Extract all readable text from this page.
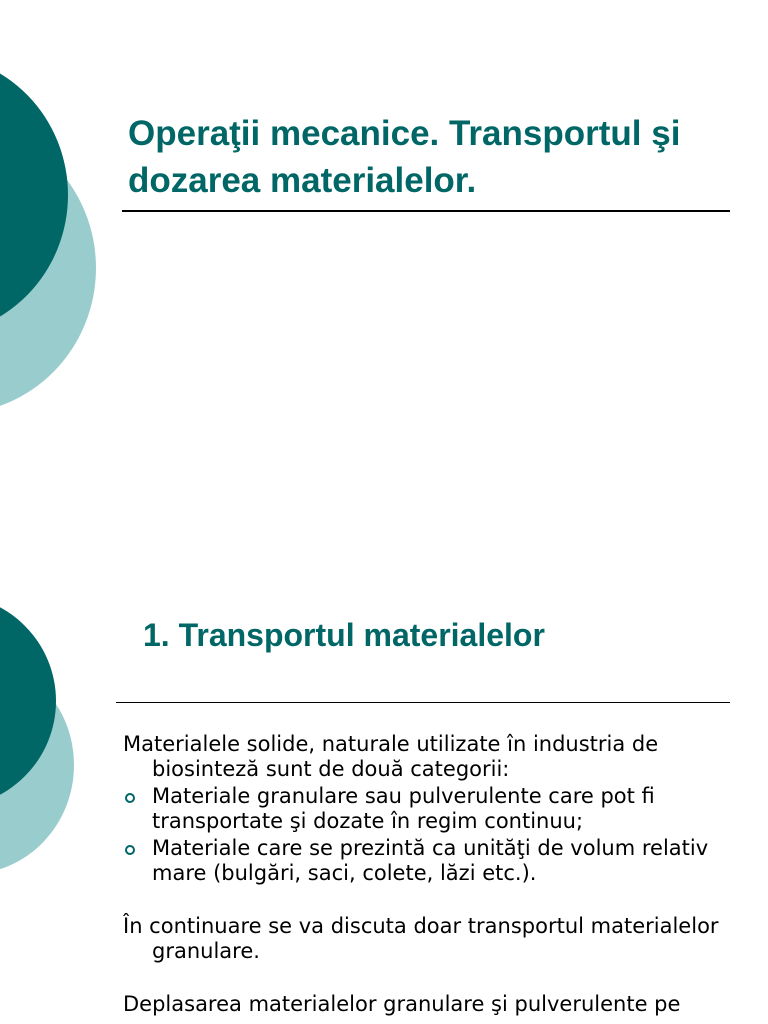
Operaţii mecanice. Transportul şi dozarea materialelor.
1. Transportul materialelor

Materialele solide, naturale utilizate în industria de biosinteză sunt de două categorii:

Materiale granulare sau pulverulente care pot fi transportate şi dozate în regim continuu;
Materiale care se prezintă ca unităţi de volum relativ mare (bulgări, saci, colete, lăzi etc.).

În continuare se va discuta doar transportul materialelor granulare.

Deplasarea materialelor granulare şi pulverulente pe
